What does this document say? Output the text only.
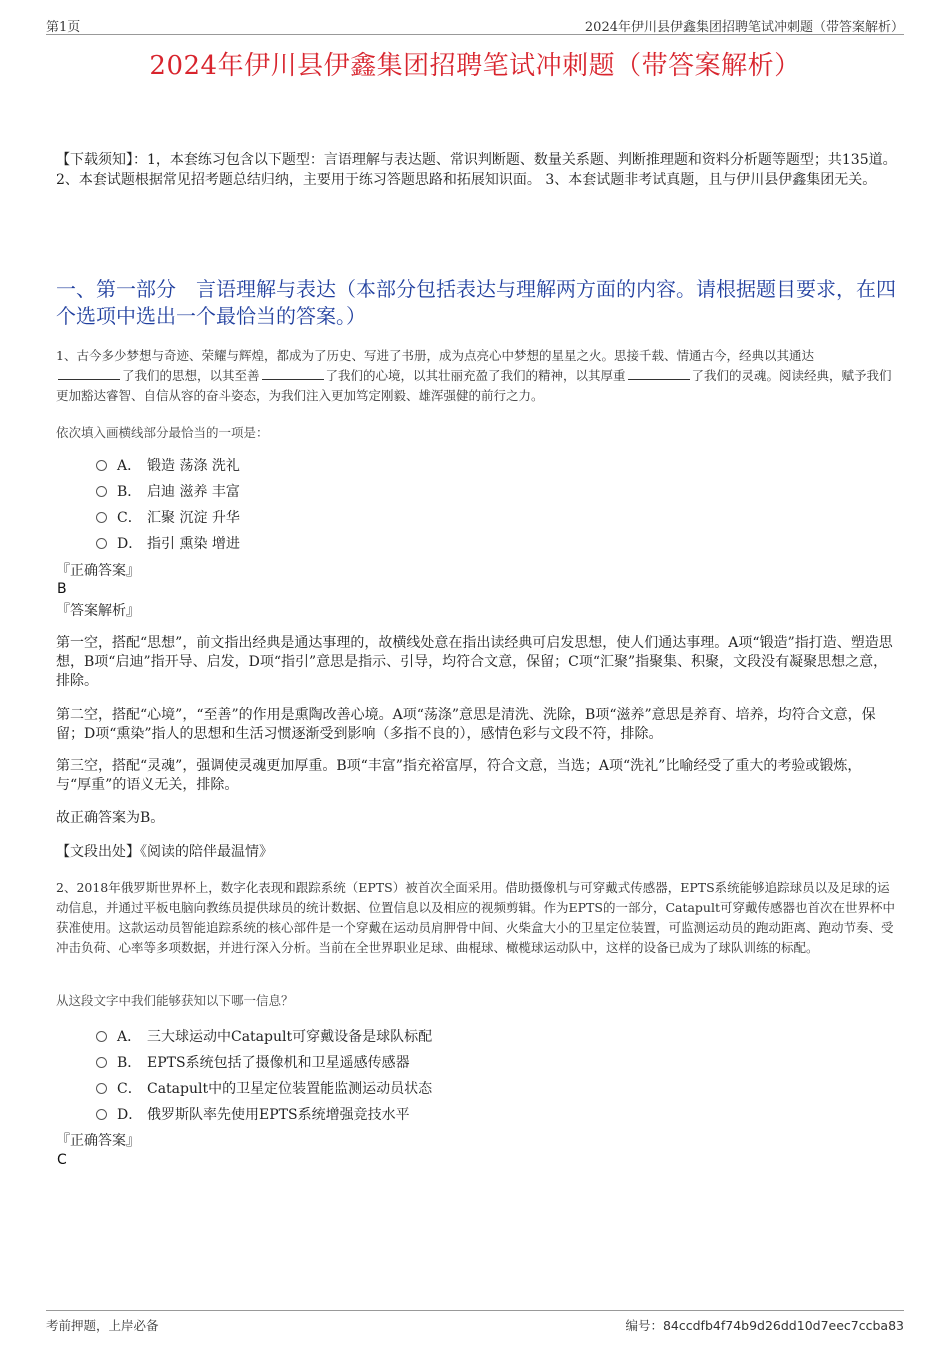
第1页	2024年伊川县伊鑫集团招聘笔试冲刺题（带答案解析）
2024年伊川县伊鑫集团招聘笔试冲刺题（带答案解析）
【下载须知】：1，本套练习包含以下题型：言语理解与表达题、常识判断题、数量关系题、判断推理题和资料分析题等题型；共135道。 2、本套试题根据常见招考题总结归纳，主要用于练习答题思路和拓展知识面。 3、本套试题非考试真题，且与伊川县伊鑫集团无关。
一、第一部分　言语理解与表达（本部分包括表达与理解两方面的内容。请根据题目要求，在四个选项中选出一个最恰当的答案。）
1、古今多少梦想与奇迹、荣耀与辉煌，都成为了历史、写进了书册，成为点亮心中梦想的星星之火。思接千载、情通古今，经典以其通达
了我们的思想，以其至善	了我们的心境，以其壮丽充盈了我们的精神，以其厚重	了我们的灵魂。阅读经典，赋予我们更加豁达睿智、自信从容的奋斗姿态，为我们注入更加笃定刚毅、雄浑强健的前行之力。
依次填入画横线部分最恰当的一项是：
A． 锻造 荡涤 洗礼
B． 启迪 滋养 丰富
C． 汇聚 沉淀 升华
D． 指引 熏染 增进
『正确答案』
B
『答案解析』
第一空，搭配“思想”，前文指出经典是通达事理的，故横线处意在指出读经典可启发思想，使人们通达事理。A项“锻造”指打造、塑造思想，B项“启迪”指开导、启发，D项“指引”意思是指示、引导，均符合文意，保留；C项“汇聚”指聚集、积聚，文段没有凝聚思想之意，排除。
第二空，搭配“心境”，“至善”的作用是熏陶改善心境。A项“荡涤”意思是清洗、洗除，B项“滋养”意思是养育、培养，均符合文意，保留；D项“熏染”指人的思想和生活习惯逐渐受到影响（多指不良的），感情色彩与文段不符，排除。
第三空，搭配“灵魂”，强调使灵魂更加厚重。B项“丰富”指充裕富厚，符合文意，当选；A项“洗礼”比喻经受了重大的考验或锻炼，与“厚重”的语义无关，排除。
故正确答案为B。
【文段出处】《阅读的陪伴最温情》
2、2018年俄罗斯世界杯上，数字化表现和跟踪系统（EPTS）被首次全面采用。借助摄像机与可穿戴式传感器，EPTS系统能够追踪球员以及足球的运动信息，并通过平板电脑向教练员提供球员的统计数据、位置信息以及相应的视频剪辑。作为EPTS的一部分，Catapult可穿戴传感器也首次在世界杯中获准使用。这款运动员智能追踪系统的核心部件是一个穿戴在运动员肩胛骨中间、火柴盒大小的卫星定位装置，可监测运动员的跑动距离、跑动节奏、受冲击负荷、心率等多项数据，并进行深入分析。当前在全世界职业足球、曲棍球、橄榄球运动队中，这样的设备已成为了球队训练的标配。
从这段文字中我们能够获知以下哪一信息？
A． 三大球运动中Catapult可穿戴设备是球队标配
B． EPTS系统包括了摄像机和卫星遥感传感器
C． Catapult中的卫星定位装置能监测运动员状态
D． 俄罗斯队率先使用EPTS系统增强竞技水平
『正确答案』
C
考前押题，上岸必备	编号：84ccdfb4f74b9d26dd10d7eec7ccba83
